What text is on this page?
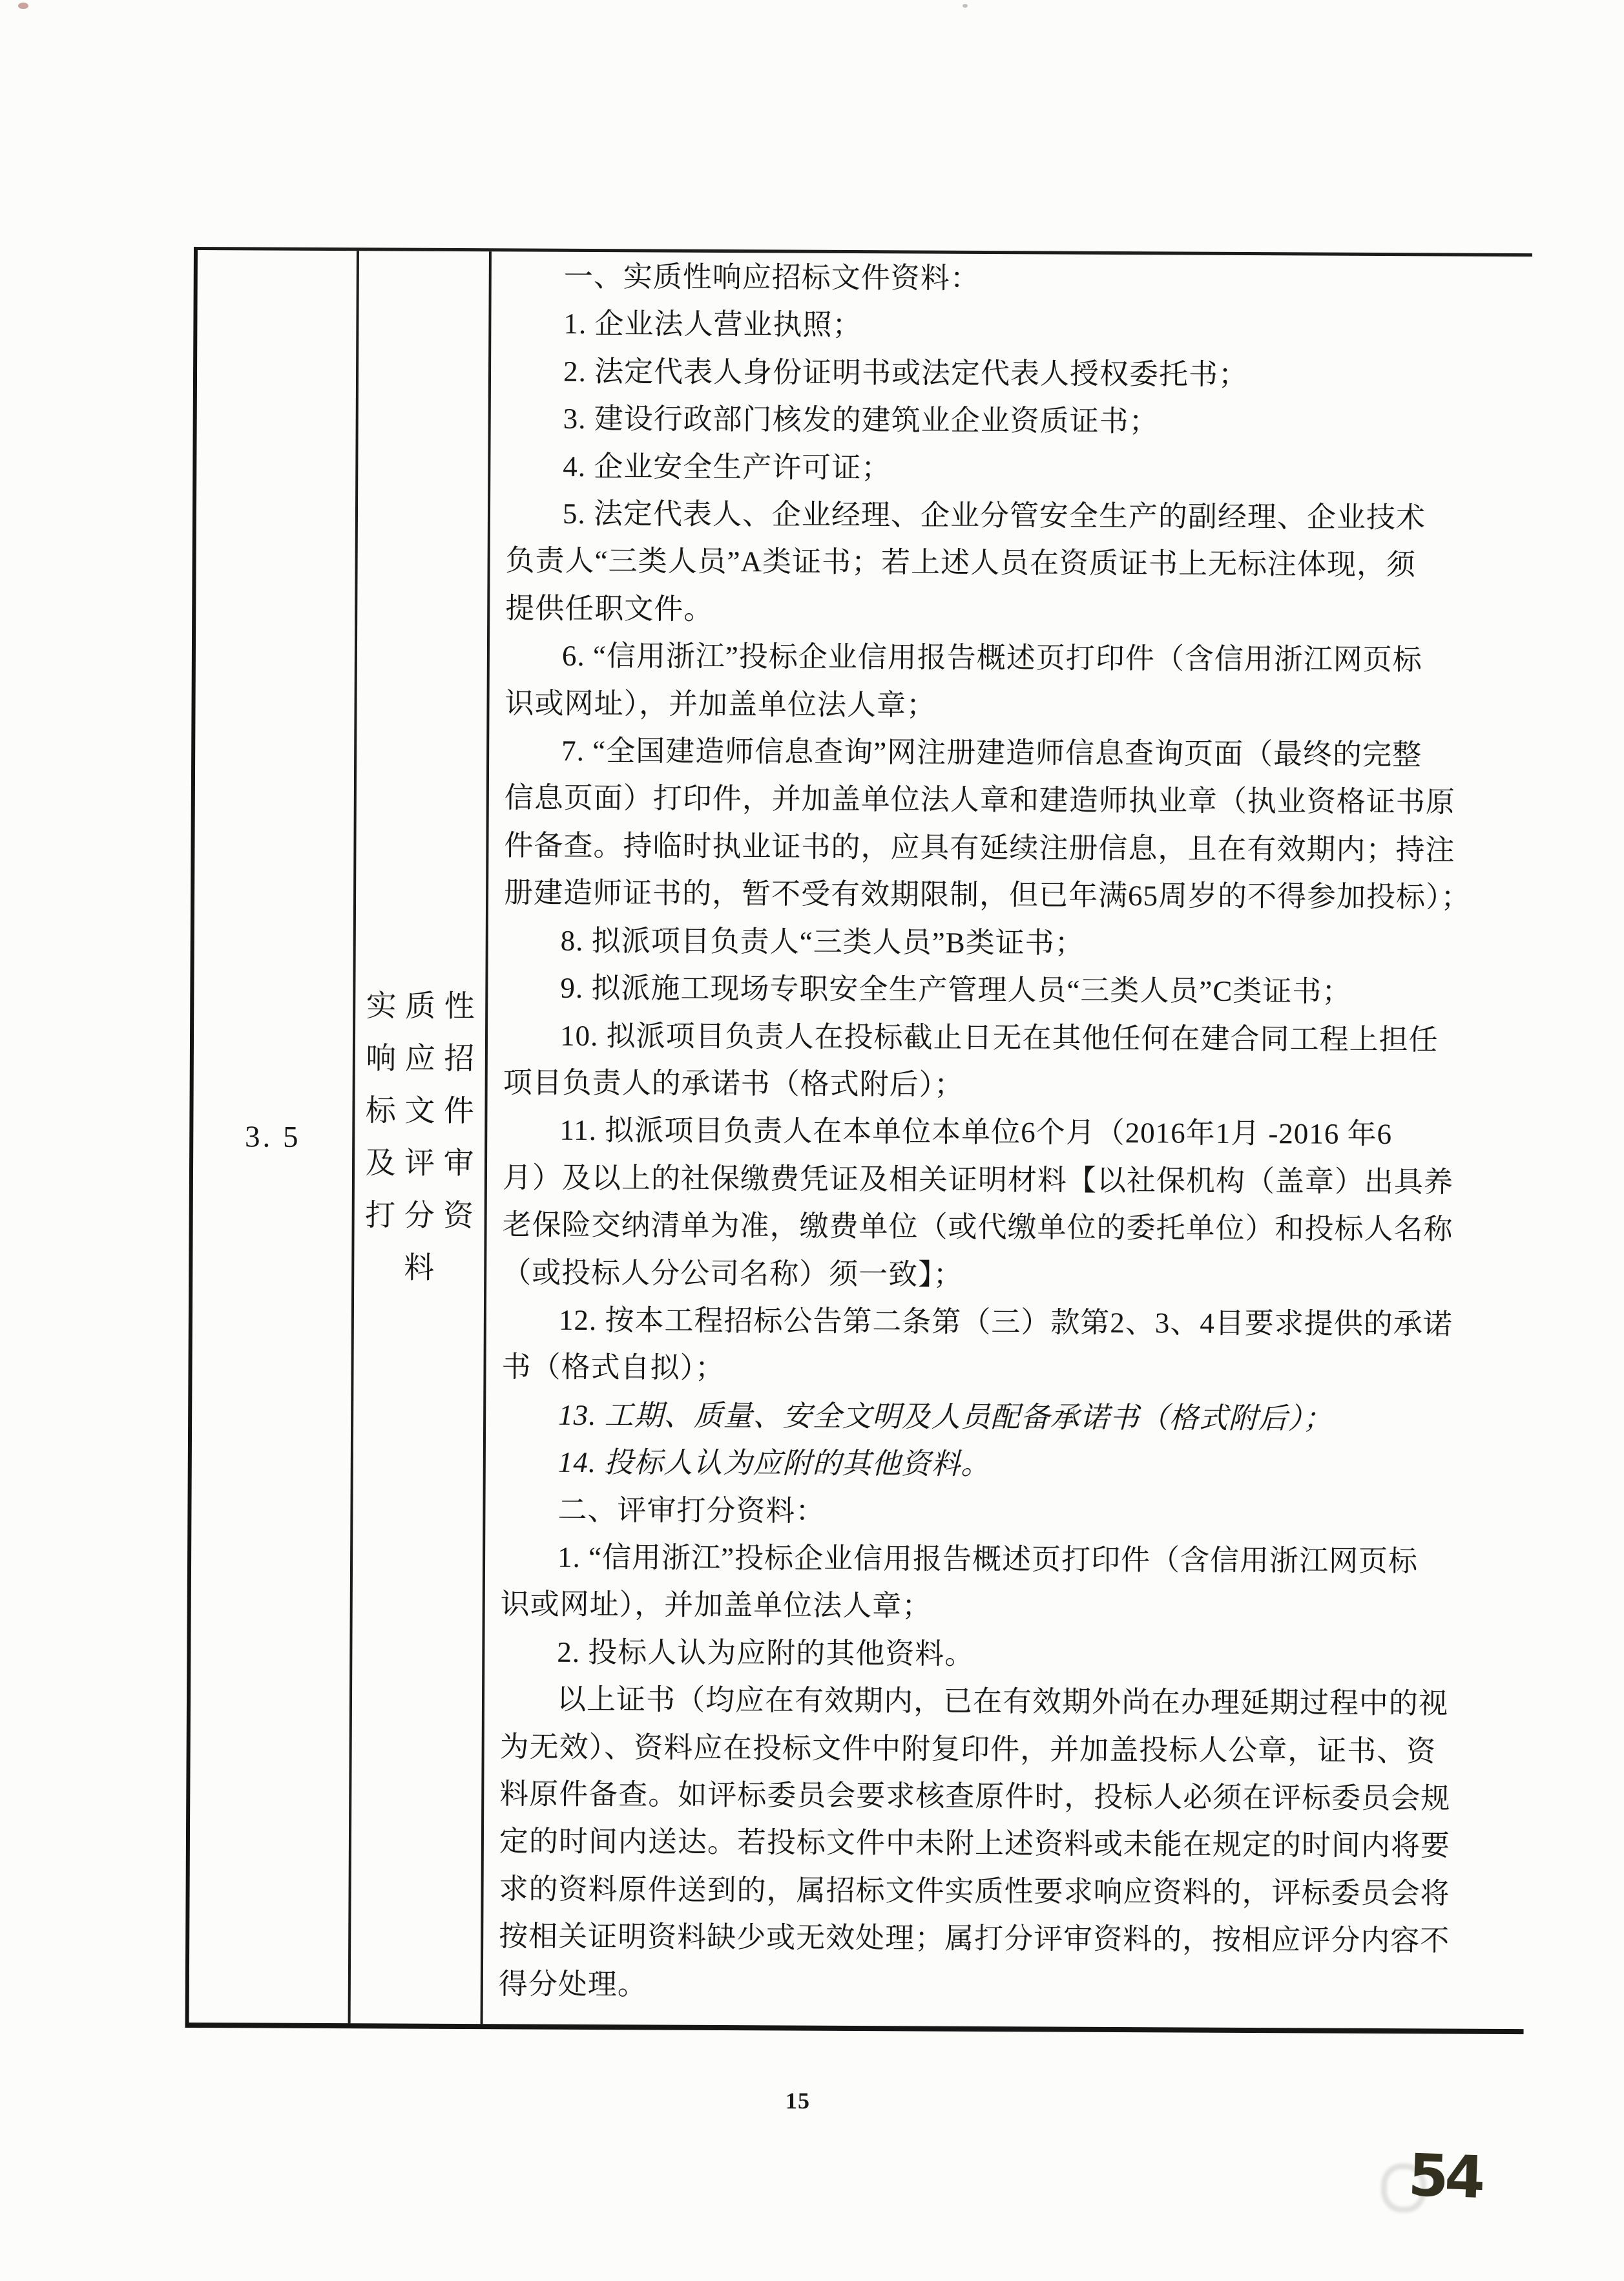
3. 5
实 质 性
响 应 招
标 文 件
及 评 审
打 分 资
料
一、实质性响应招标文件资料：
1. 企业法人营业执照；
2. 法定代表人身份证明书或法定代表人授权委托书；
3. 建设行政部门核发的建筑业企业资质证书；
4. 企业安全生产许可证；
5. 法定代表人、企业经理、企业分管安全生产的副经理、企业技术
负责人“三类人员”A类证书；若上述人员在资质证书上无标注体现，须
提供任职文件。
6. “信用浙江”投标企业信用报告概述页打印件（含信用浙江网页标
识或网址），并加盖单位法人章；
7. “全国建造师信息查询”网注册建造师信息查询页面（最终的完整
信息页面）打印件，并加盖单位法人章和建造师执业章（执业资格证书原
件备查。持临时执业证书的，应具有延续注册信息，且在有效期内；持注
册建造师证书的，暂不受有效期限制，但已年满65周岁的不得参加投标）；
8. 拟派项目负责人“三类人员”B类证书；
9. 拟派施工现场专职安全生产管理人员“三类人员”C类证书；
10. 拟派项目负责人在投标截止日无在其他任何在建合同工程上担任
项目负责人的承诺书（格式附后）；
11. 拟派项目负责人在本单位本单位6个月（2016年1月 -2016 年6
月）及以上的社保缴费凭证及相关证明材料【以社保机构（盖章）出具养
老保险交纳清单为准，缴费单位（或代缴单位的委托单位）和投标人名称
（或投标人分公司名称）须一致】；
12. 按本工程招标公告第二条第（三）款第2、3、4目要求提供的承诺
书（格式自拟）；
13. 工期、质量、安全文明及人员配备承诺书（格式附后）；
14. 投标人认为应附的其他资料。
二、评审打分资料：
1. “信用浙江”投标企业信用报告概述页打印件（含信用浙江网页标
识或网址），并加盖单位法人章；
2. 投标人认为应附的其他资料。
以上证书（均应在有效期内，已在有效期外尚在办理延期过程中的视
为无效）、资料应在投标文件中附复印件，并加盖投标人公章，证书、资
料原件备查。如评标委员会要求核查原件时，投标人必须在评标委员会规
定的时间内送达。若投标文件中未附上述资料或未能在规定的时间内将要
求的资料原件送到的，属招标文件实质性要求响应资料的，评标委员会将
按相关证明资料缺少或无效处理；属打分评审资料的，按相应评分内容不
得分处理。
15
54
